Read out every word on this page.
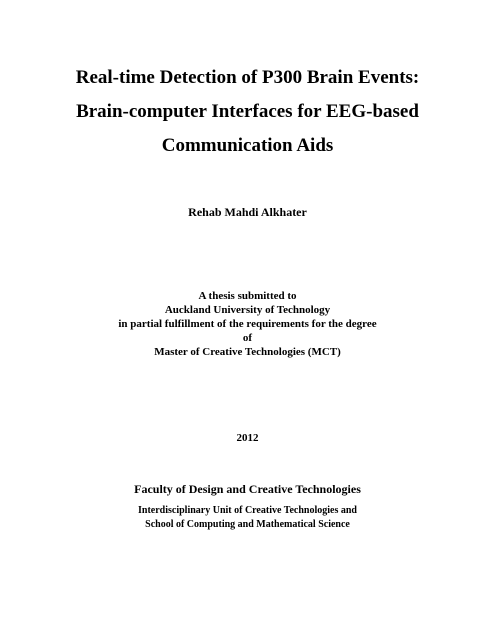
Real-time Detection of P300 Brain Events:
Brain-computer Interfaces for EEG-based
Communication Aids
Rehab Mahdi Alkhater
A thesis submitted to
Auckland University of Technology
in partial fulfillment of the requirements for the degree
of
Master of Creative Technologies (MCT)
2012
Faculty of Design and Creative Technologies
Interdisciplinary Unit of Creative Technologies and
School of Computing and Mathematical Science
